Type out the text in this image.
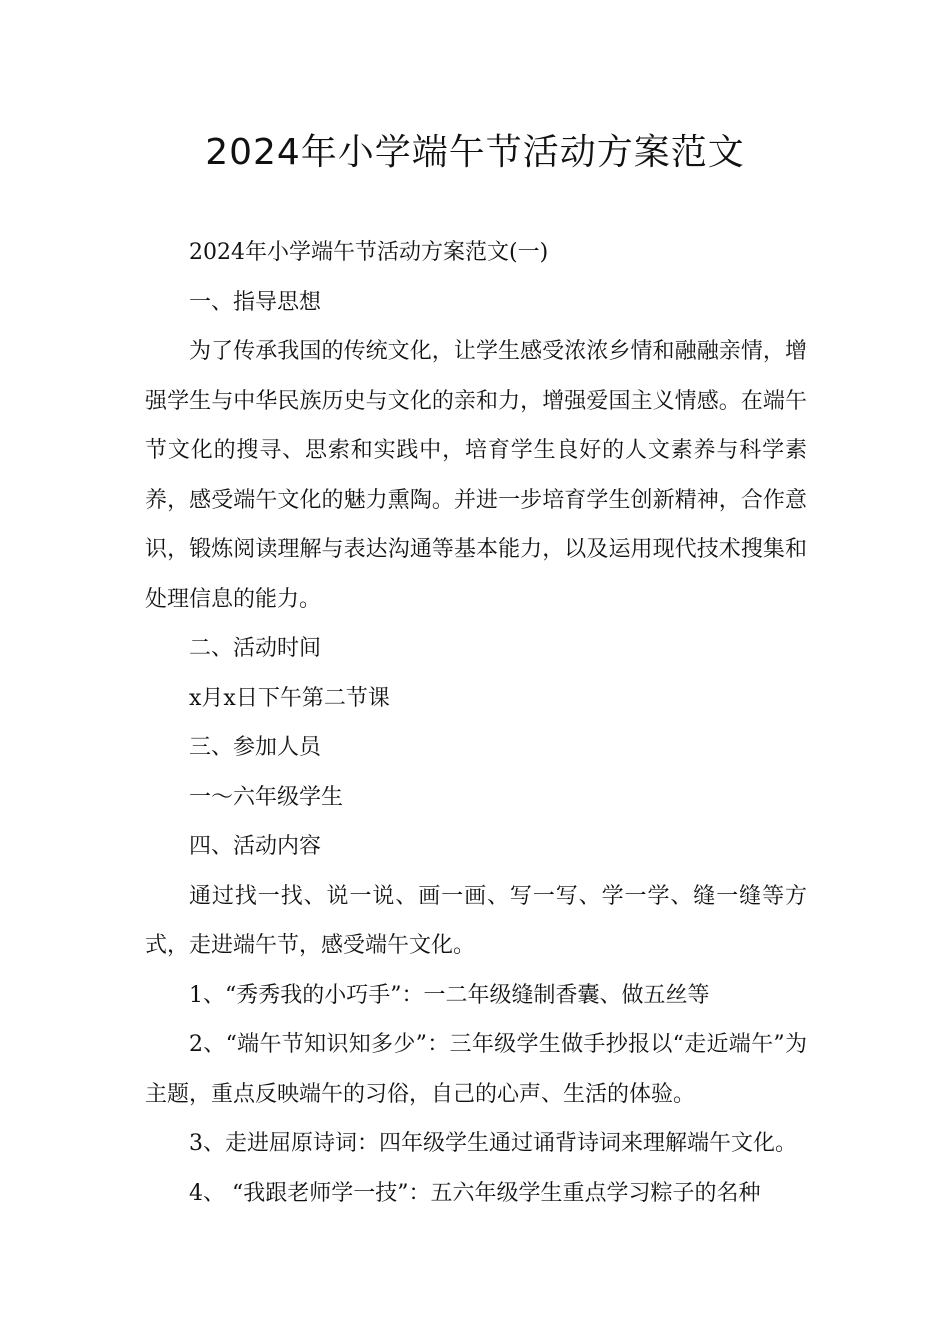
2024年小学端午节活动方案范文

2024年小学端午节活动方案范文(一)

一、指导思想

为了传承我国的传统文化，让学生感受浓浓乡情和融融亲情，增强学生与中华民族历史与文化的亲和力，增强爱国主义情感。在端午节文化的搜寻、思索和实践中，培育学生良好的人文素养与科学素养，感受端午文化的魅力熏陶。并进一步培育学生创新精神，合作意识，锻炼阅读理解与表达沟通等基本能力，以及运用现代技术搜集和处理信息的能力。

二、活动时间

x月x日下午第二节课

三、参加人员

一～六年级学生

四、活动内容

通过找一找、说一说、画一画、写一写、学一学、缝一缝等方式，走进端午节，感受端午文化。

1、“秀秀我的小巧手”：一二年级缝制香囊、做五丝等

2、“端午节知识知多少”：三年级学生做手抄报以“走近端午”为主题，重点反映端午的习俗，自己的心声、生活的体验。

3、走进屈原诗词：四年级学生通过诵背诗词来理解端午文化。

4、 “我跟老师学一技”：五六年级学生重点学习粽子的名种
